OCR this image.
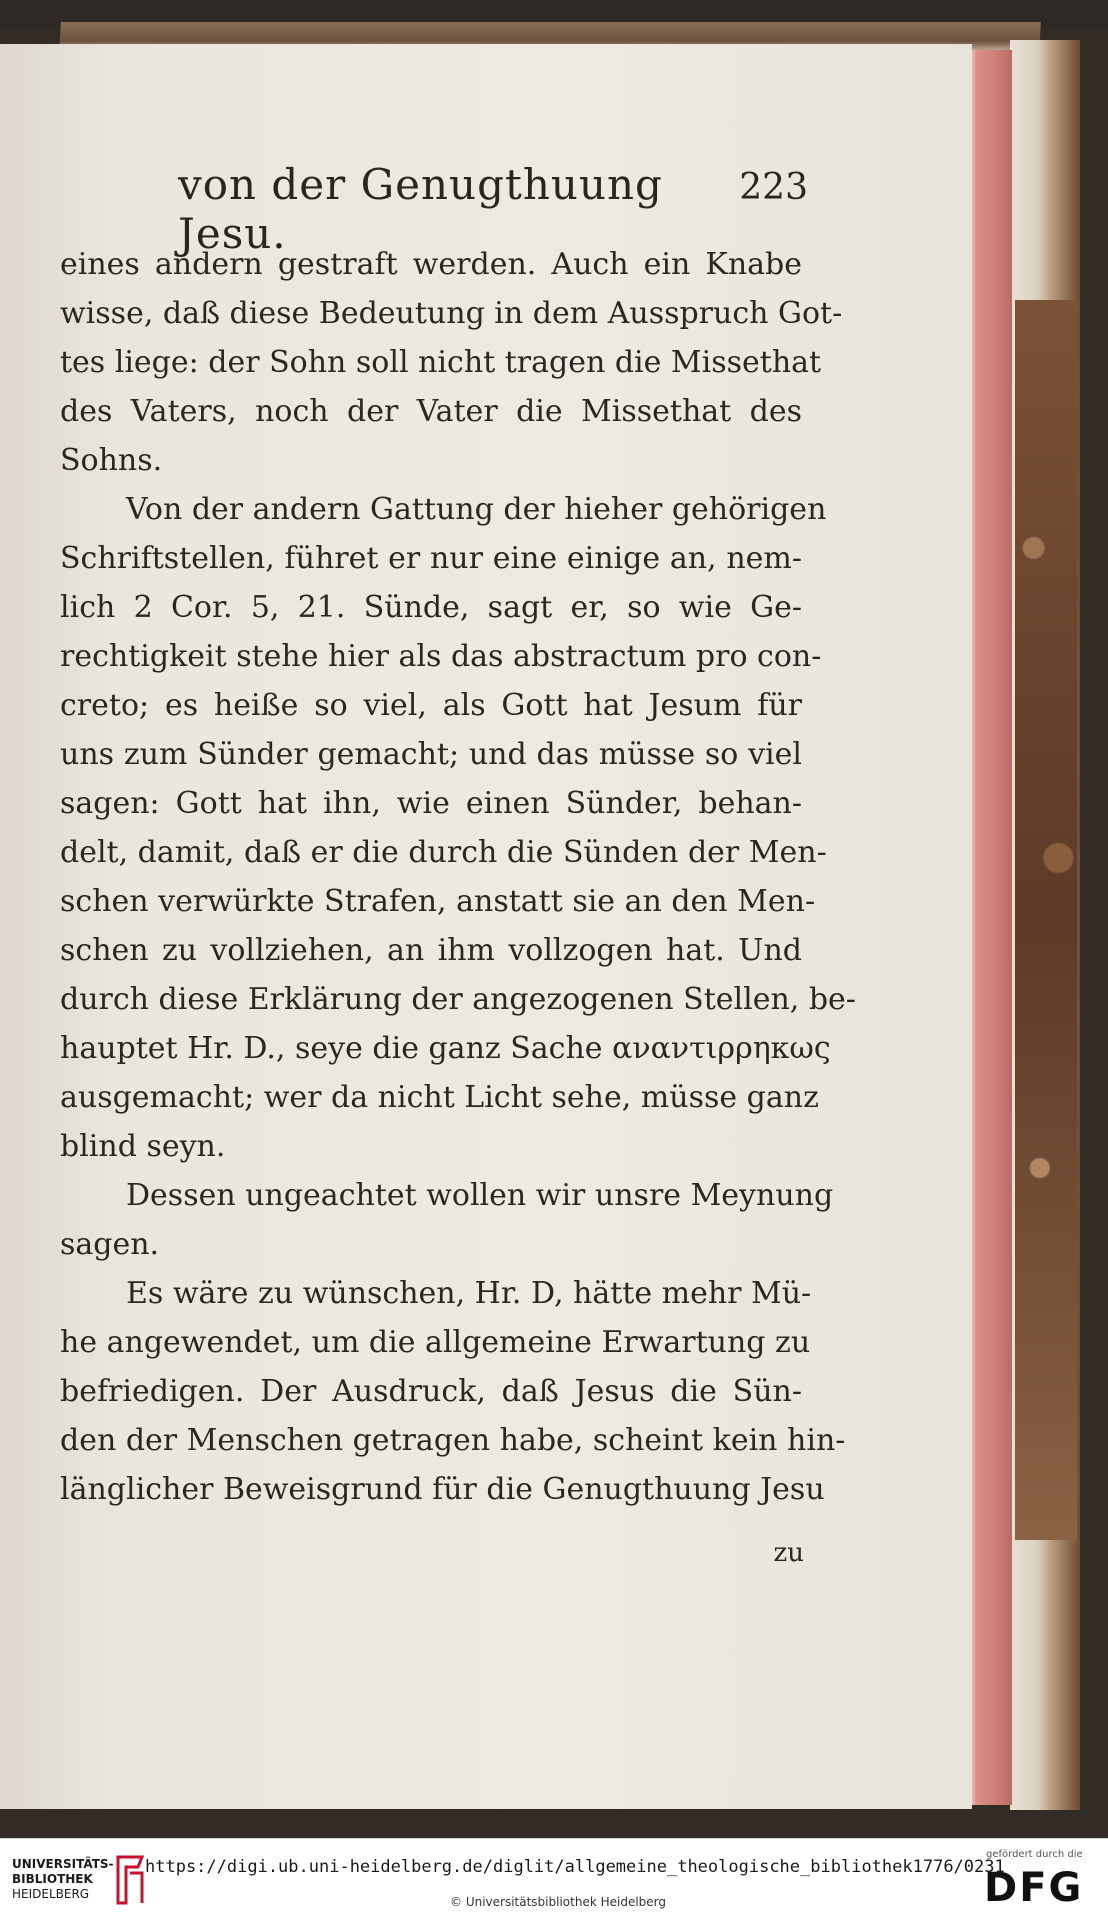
von der Genugthuung Jesu.
223
eines andern gestraft werden. Auch ein Knabe
wisse, daß diese Bedeutung in dem Ausspruch Got-
tes liege: der Sohn soll nicht tragen die Missethat
des Vaters, noch der Vater die Missethat des
Sohns.
Von der andern Gattung der hieher gehörigen
Schriftstellen, führet er nur eine einige an, nem-
lich 2 Cor. 5, 21. Sünde, sagt er, so wie Ge-
rechtigkeit stehe hier als das abstractum pro con-
creto; es heiße so viel, als Gott hat Jesum für
uns zum Sünder gemacht; und das müsse so viel
sagen: Gott hat ihn, wie einen Sünder, behan-
delt, damit, daß er die durch die Sünden der Men-
schen verwürkte Strafen, anstatt sie an den Men-
schen zu vollziehen, an ihm vollzogen hat. Und
durch diese Erklärung der angezogenen Stellen, be-
hauptet Hr. D., seye die ganz Sache αναντιρρηκως
ausgemacht; wer da nicht Licht sehe, müsse ganz
blind seyn.
Dessen ungeachtet wollen wir unsre Meynung
sagen.
Es wäre zu wünschen, Hr. D, hätte mehr Mü-
he angewendet, um die allgemeine Erwartung zu
befriedigen. Der Ausdruck, daß Jesus die Sün-
den der Menschen getragen habe, scheint kein hin-
länglicher Beweisgrund für die Genugthuung Jesu
zu
UNIVERSITÄTS-
BIBLIOTHEK
HEIDELBERG
https://digi.ub.uni-heidelberg.de/diglit/allgemeine_theologische_bibliothek1776/0231
© Universitätsbibliothek Heidelberg
gefördert durch die
DFG
